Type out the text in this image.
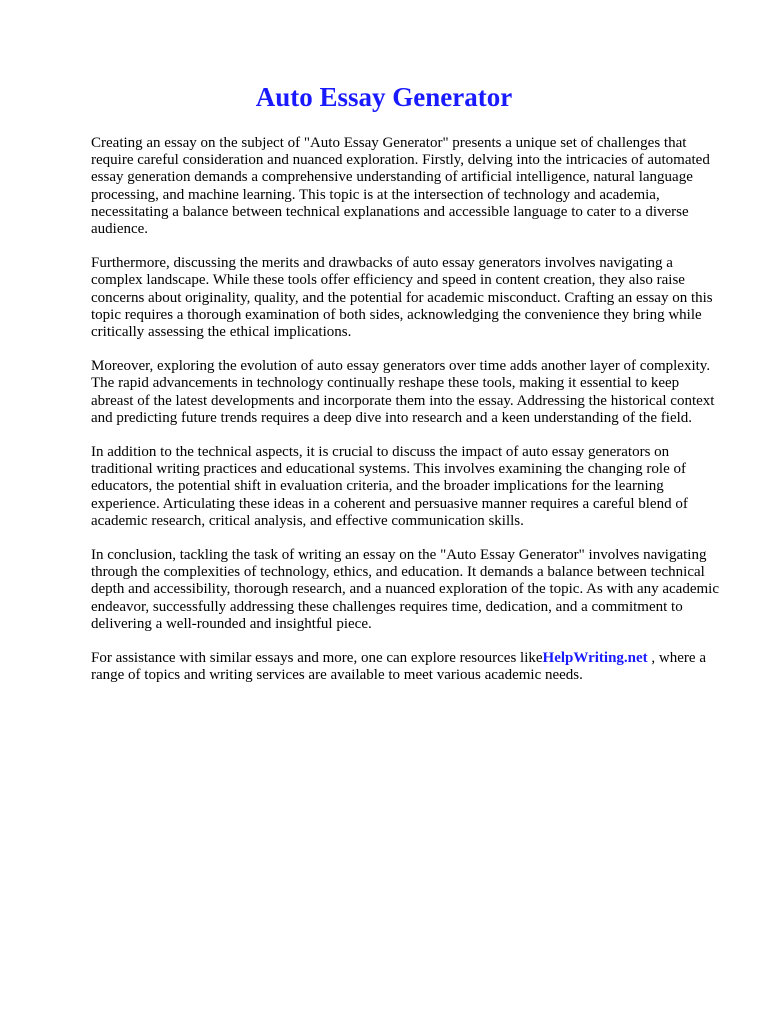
Auto Essay Generator

Creating an essay on the subject of "Auto Essay Generator" presents a unique set of challenges that require careful consideration and nuanced exploration. Firstly, delving into the intricacies of automated essay generation demands a comprehensive understanding of artificial intelligence, natural language processing, and machine learning. This topic is at the intersection of technology and academia, necessitating a balance between technical explanations and accessible language to cater to a diverse audience.

Furthermore, discussing the merits and drawbacks of auto essay generators involves navigating a complex landscape. While these tools offer efficiency and speed in content creation, they also raise concerns about originality, quality, and the potential for academic misconduct. Crafting an essay on this topic requires a thorough examination of both sides, acknowledging the convenience they bring while critically assessing the ethical implications.

Moreover, exploring the evolution of auto essay generators over time adds another layer of complexity. The rapid advancements in technology continually reshape these tools, making it essential to keep abreast of the latest developments and incorporate them into the essay. Addressing the historical context and predicting future trends requires a deep dive into research and a keen understanding of the field.

In addition to the technical aspects, it is crucial to discuss the impact of auto essay generators on traditional writing practices and educational systems. This involves examining the changing role of educators, the potential shift in evaluation criteria, and the broader implications for the learning experience. Articulating these ideas in a coherent and persuasive manner requires a careful blend of academic research, critical analysis, and effective communication skills.

In conclusion, tackling the task of writing an essay on the "Auto Essay Generator" involves navigating through the complexities of technology, ethics, and education. It demands a balance between technical depth and accessibility, thorough research, and a nuanced exploration of the topic. As with any academic endeavor, successfully addressing these challenges requires time, dedication, and a commitment to delivering a well-rounded and insightful piece.

For assistance with similar essays and more, one can explore resources likeHelpWriting.net , where a range of topics and writing services are available to meet various academic needs.
